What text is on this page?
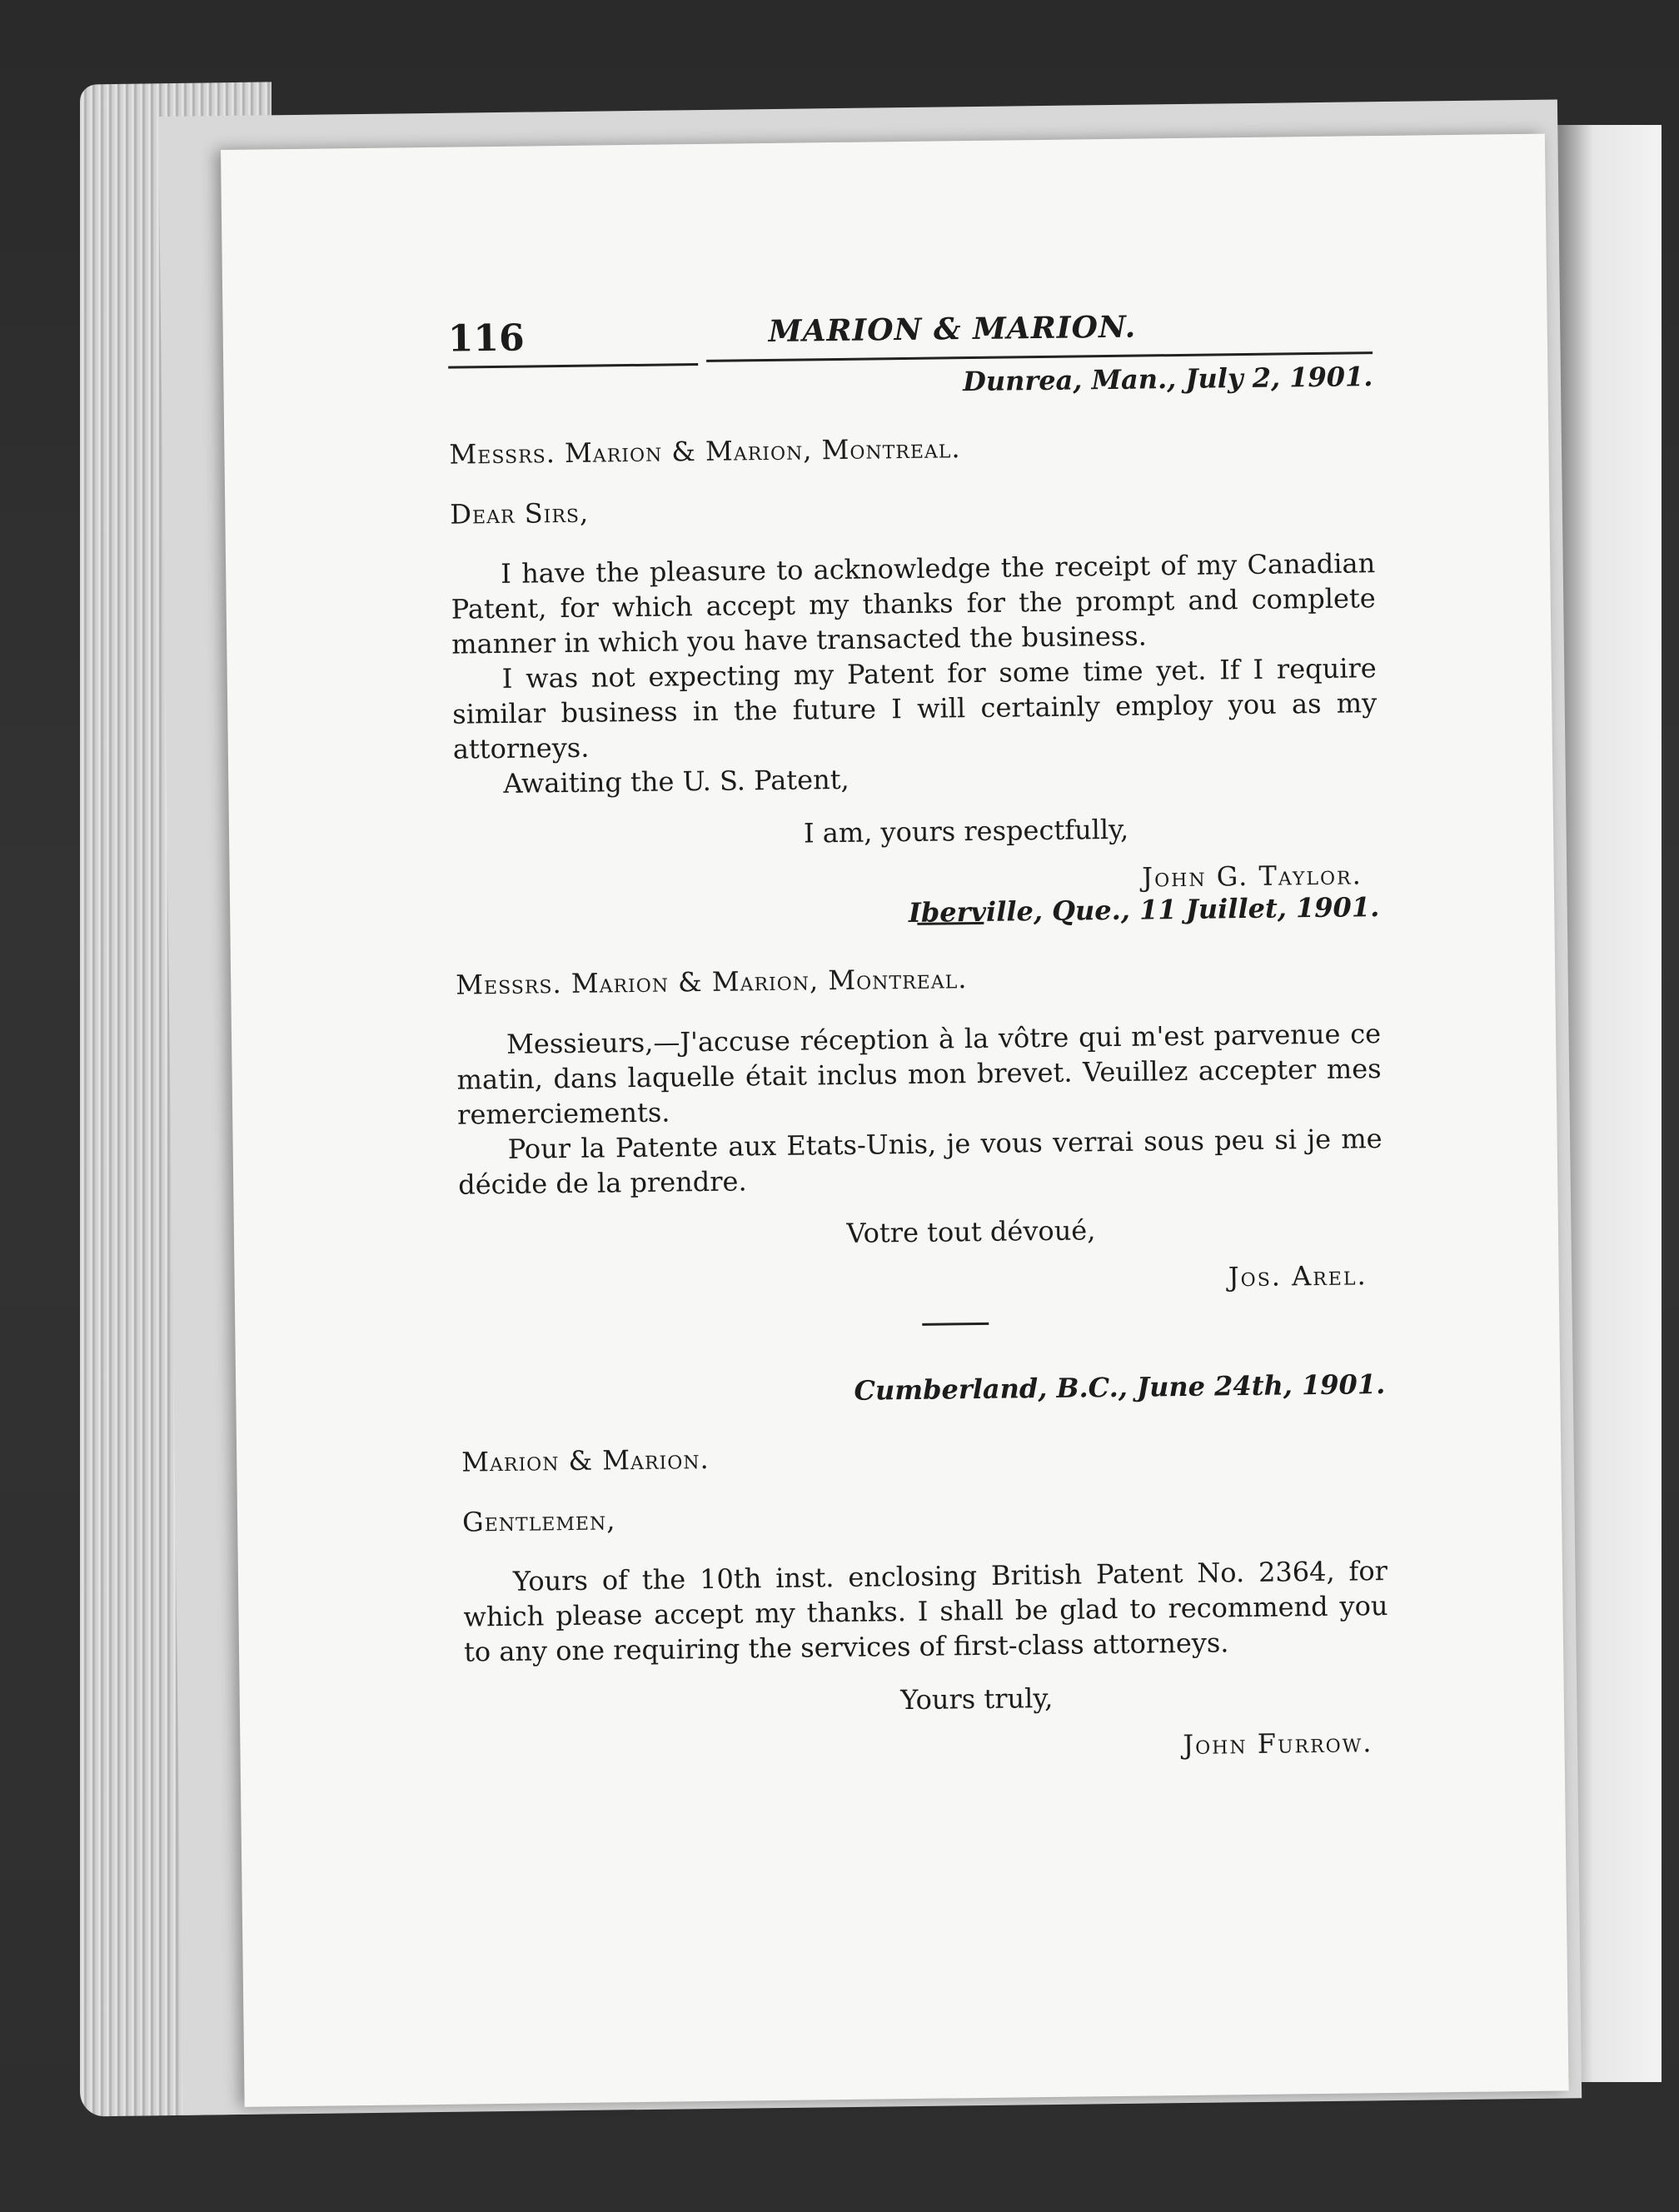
116	MARION & MARION.
Dunrea, Man., July 2, 1901.
Messrs. Marion & Marion, Montreal.
Dear Sirs,

I have the pleasure to acknowledge the receipt of my Canadian Patent, for which accept my thanks for the prompt and complete manner in which you have transacted the business.

I was not expecting my Patent for some time yet. If I require similar business in the future I will certainly employ you as my attorneys.

Awaiting the U. S. Patent,

I am, yours respectfully,
John G. Taylor.
Iberville, Que., 11 Juillet, 1901.
Messrs. Marion & Marion, Montreal.

Messieurs,—J'accuse réception à la vôtre qui m'est parvenue ce matin, dans laquelle était inclus mon brevet. Veuillez accepter mes remerciements.

Pour la Patente aux Etats-Unis, je vous verrai sous peu si je me décide de la prendre.

Votre tout dévoué,
Jos. Arel.
Cumberland, B.C., June 24th, 1901.
Marion & Marion.
Gentlemen,

Yours of the 10th inst. enclosing British Patent No. 2364, for which please accept my thanks. I shall be glad to recommend you to any one requiring the services of first-class attorneys.

Yours truly,
John Furrow.
